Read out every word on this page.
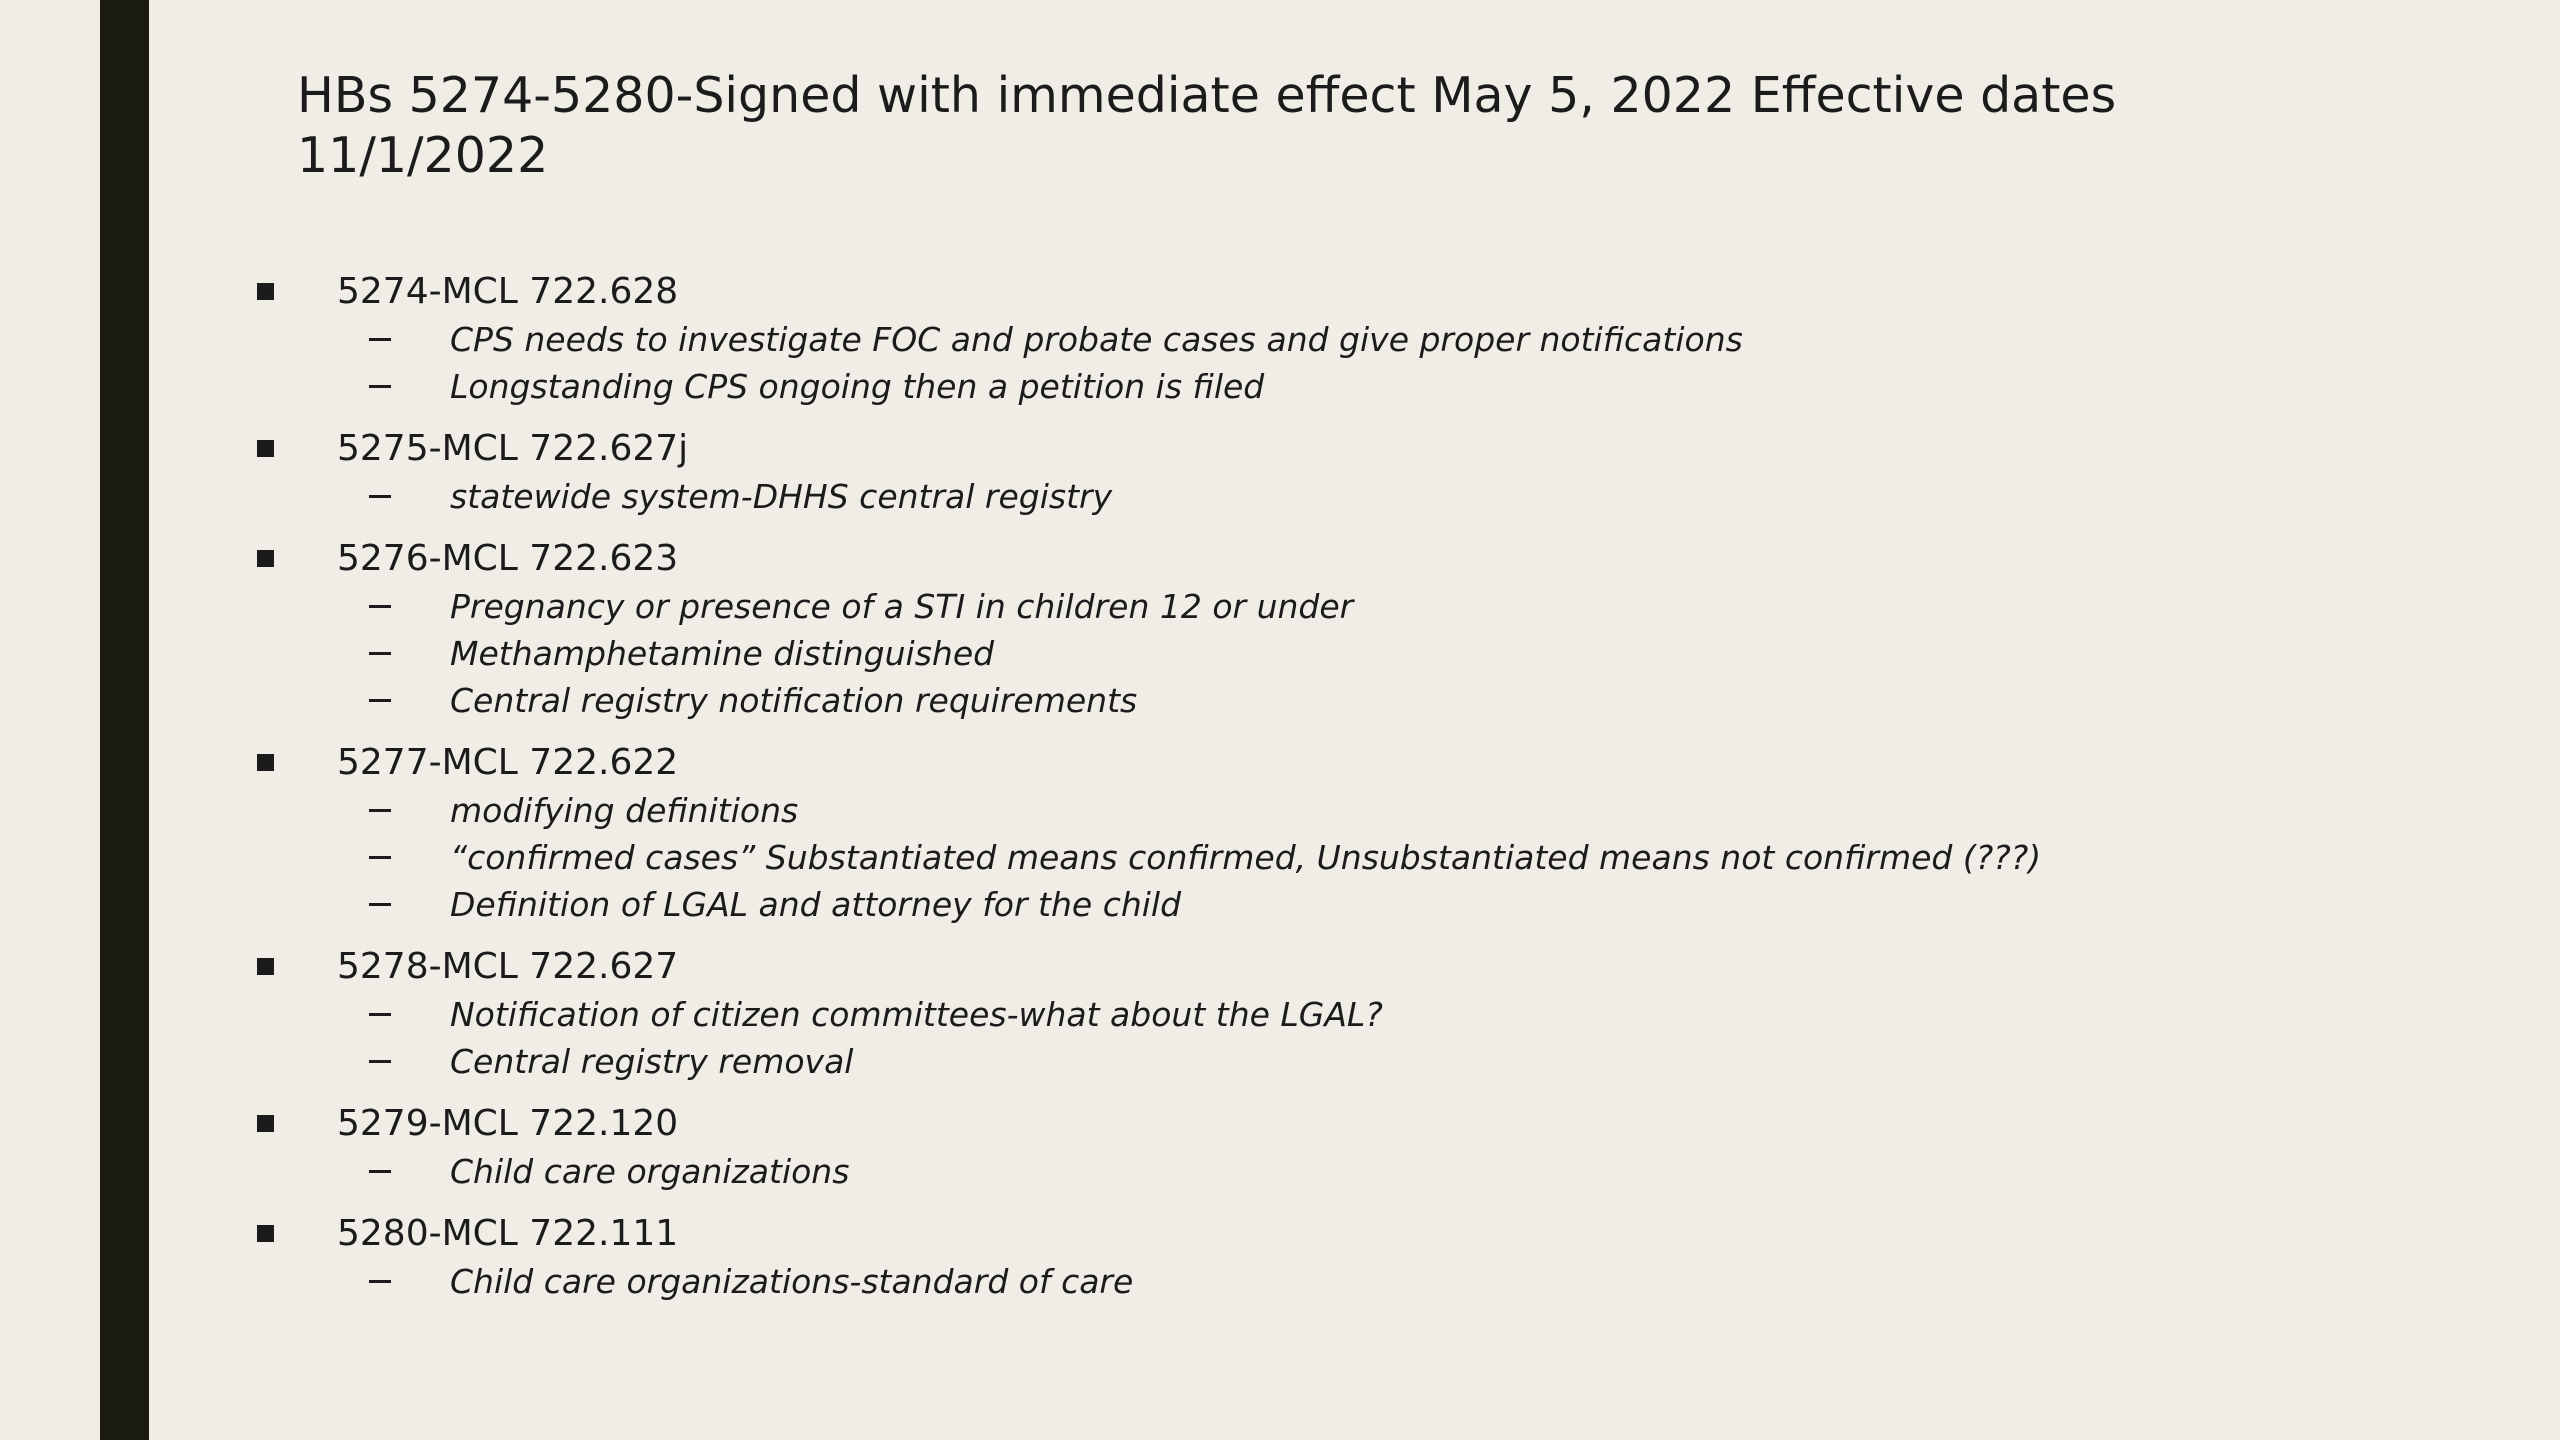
HBs 5274-5280-Signed with immediate effect May 5, 2022 Effective dates
11/1/2022
5274-MCL 722.628
CPS needs to investigate FOC and probate cases and give proper notifications
Longstanding CPS ongoing then a petition is filed
5275-MCL 722.627j
statewide system-DHHS central registry
5276-MCL 722.623
Pregnancy or presence of a STI in children 12 or under
Methamphetamine distinguished
Central registry notification requirements
5277-MCL 722.622
modifying definitions
“confirmed cases” Substantiated means confirmed, Unsubstantiated means not confirmed (???)
Definition of LGAL and attorney for the child
5278-MCL 722.627
Notification of citizen committees-what about the LGAL?
Central registry removal
5279-MCL 722.120
Child care organizations
5280-MCL 722.111
Child care organizations-standard of care
